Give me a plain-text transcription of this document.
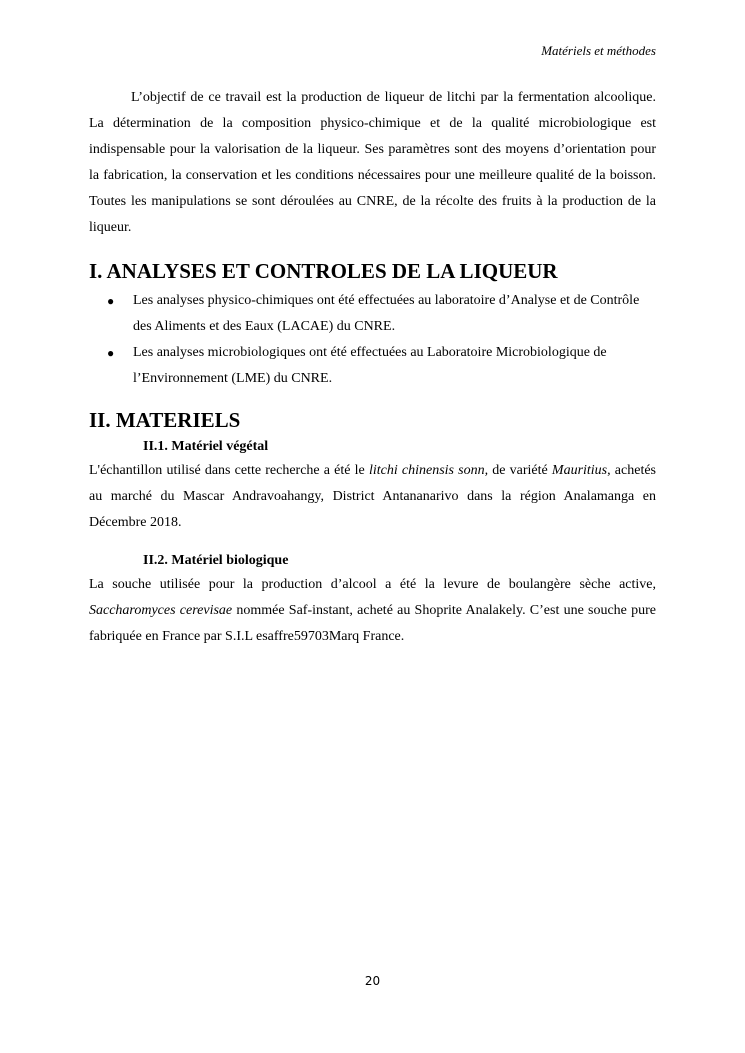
Matériels et méthodes

L’objectif de ce travail est la production de liqueur de litchi par la fermentation alcoolique. La détermination de la composition physico-chimique et de la qualité microbiologique est indispensable pour la valorisation de la liqueur. Ses paramètres sont des moyens d’orientation pour la fabrication, la conservation et les conditions nécessaires pour une meilleure qualité de la boisson. Toutes les manipulations se sont déroulées au CNRE, de la récolte des fruits à la production de la liqueur.

I. ANALYSES ET CONTROLES DE LA LIQUEUR
● Les analyses physico-chimiques ont été effectuées au laboratoire d’Analyse et de Contrôle des Aliments et des Eaux (LACAE) du CNRE.
● Les analyses microbiologiques ont été effectuées au Laboratoire Microbiologique de l’Environnement (LME) du CNRE.
II. MATERIELS
II.1. Matériel végétal

L'échantillon utilisé dans cette recherche a été le litchi chinensis sonn, de variété Mauritius, achetés au marché du Mascar Andravoahangy, District Antananarivo dans la région Analamanga en Décembre 2018.

II.2. Matériel biologique

La souche utilisée pour la production d’alcool a été la levure de boulangère sèche active, Saccharomyces cerevisae nommée Saf-instant, acheté au Shoprite Analakely. C’est une souche pure fabriquée en France par S.I.L esaffre59703Marq France.

20
